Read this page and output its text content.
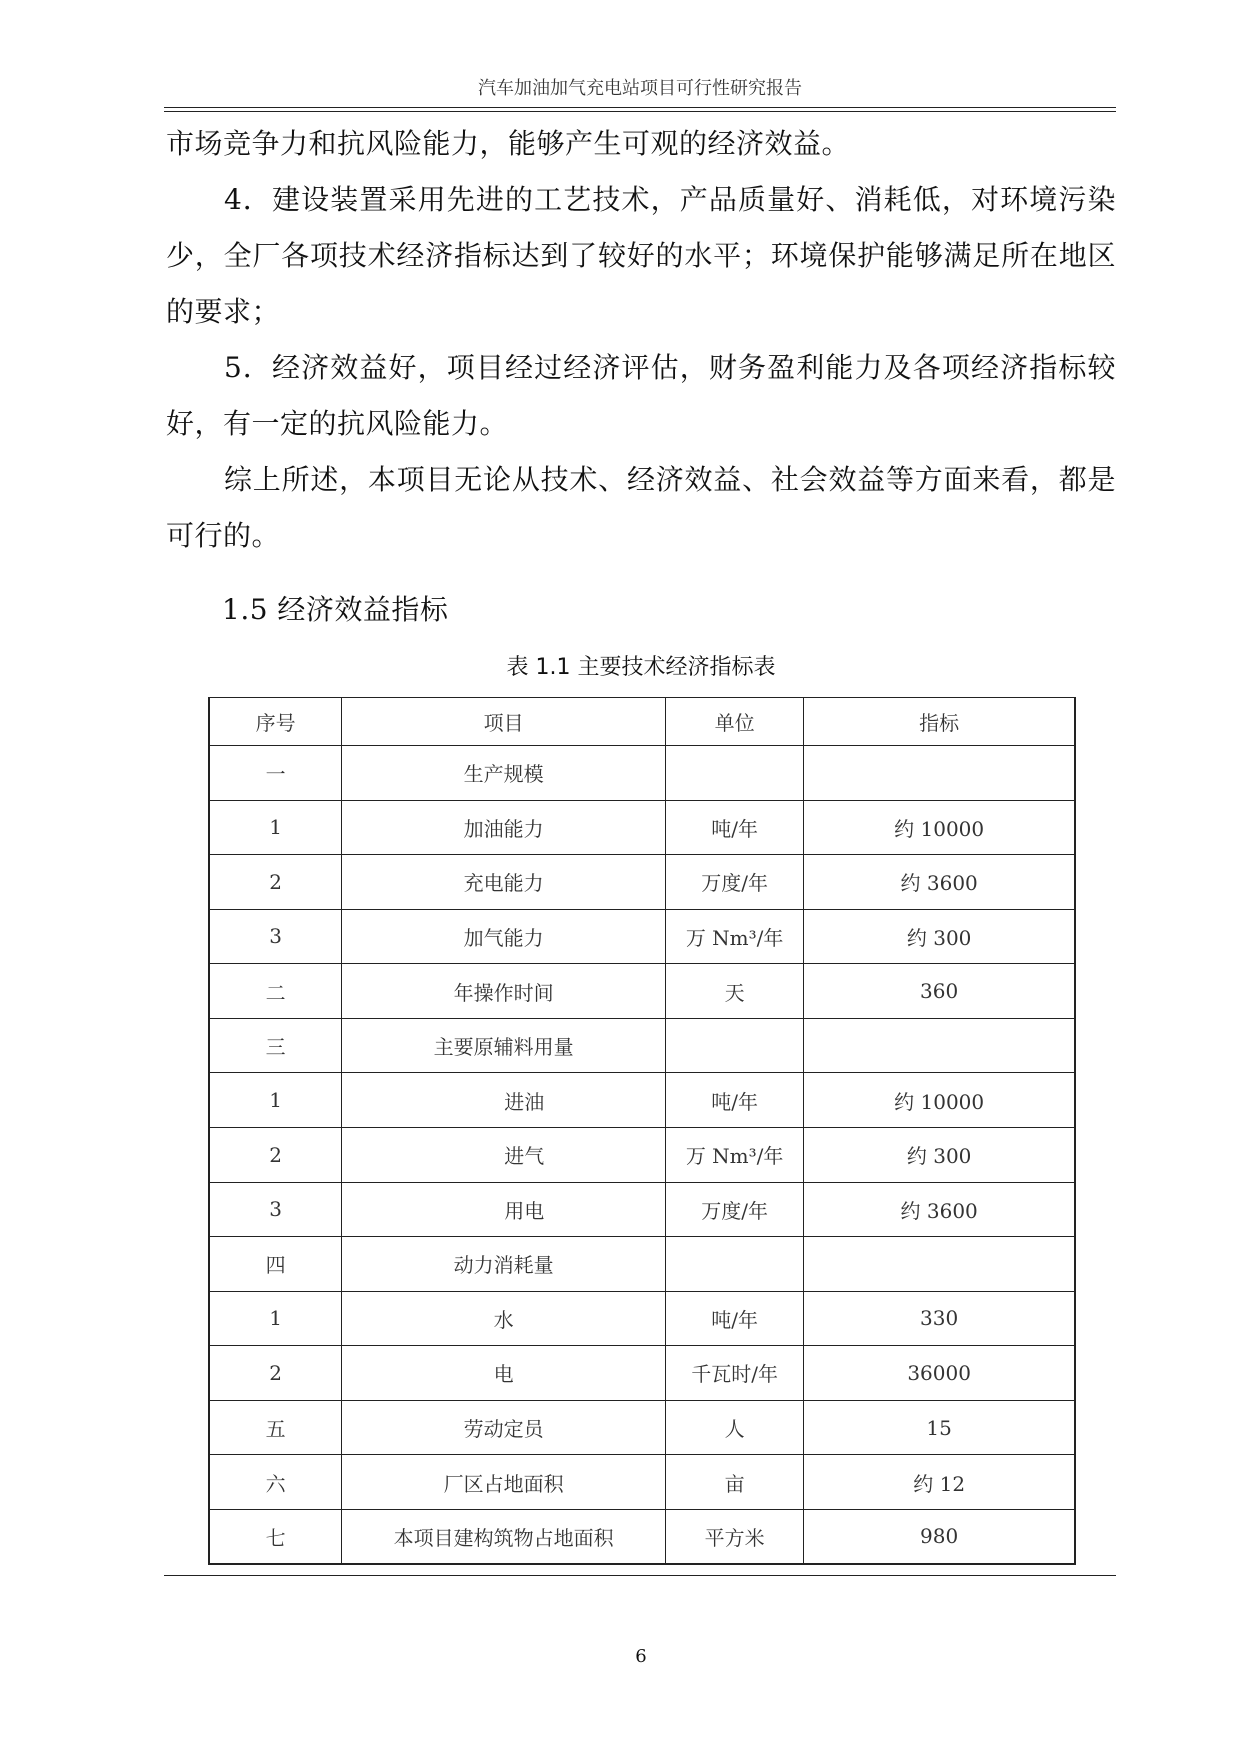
汽车加油加气充电站项目可行性研究报告

市场竞争力和抗风险能力，能够产生可观的经济效益。

4．建设装置采用先进的工艺技术，产品质量好、消耗低，对环境污染少，全厂各项技术经济指标达到了较好的水平；环境保护能够满足所在地区的要求；

5．经济效益好，项目经过经济评估，财务盈利能力及各项经济指标较好，有一定的抗风险能力。

综上所述，本项目无论从技术、经济效益、社会效益等方面来看，都是可行的。

1.5 经济效益指标
表 1.1 主要技术经济指标表
序号	项目	单位	指标
一	生产规模		
1	加油能力	吨/年	约 10000
2	充电能力	万度/年	约 3600
3	加气能力	万 Nm³/年	约 300
二	年操作时间	天	360
三	主要原辅料用量		
1	进油	吨/年	约 10000
2	进气	万 Nm³/年	约 300
3	用电	万度/年	约 3600
四	动力消耗量		
1	水	吨/年	330
2	电	千瓦时/年	36000
五	劳动定员	人	15
六	厂区占地面积	亩	约 12
七	本项目建构筑物占地面积	平方米	980
6
